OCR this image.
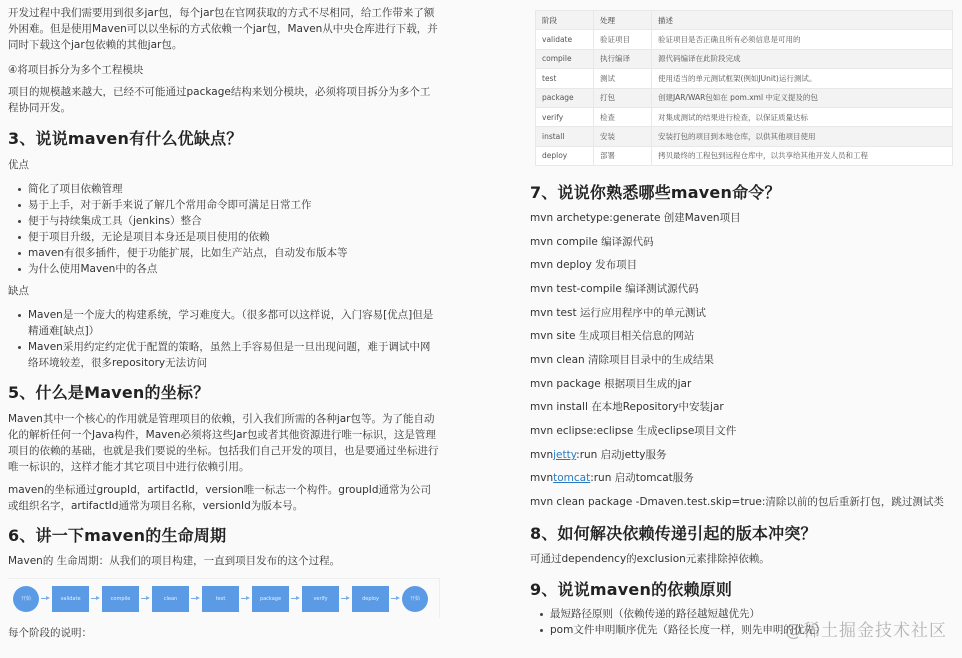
开发过程中我们需要用到很多jar包，每个jar包在官网获取的方式不尽相同，给工作带来了额外困难。但是使用Maven可以以坐标的方式依赖一个jar包，Maven从中央仓库进行下载，并同时下载这个jar包依赖的其他jar包。

④将项目拆分为多个工程模块

项目的规模越来越大，已经不可能通过package结构来划分模块，必须将项目拆分为多个工程协同开发。

3、说说maven有什么优缺点？

优点

简化了项目依赖管理
易于上手，对于新手来说了解几个常用命令即可满足日常工作
便于与持续集成工具（jenkins）整合
便于项目升级，无论是项目本身还是项目使用的依赖
maven有很多插件，便于功能扩展，比如生产站点，自动发布版本等
为什么使用Maven中的各点

缺点

Maven是一个庞大的构建系统，学习难度大。（很多都可以这样说，入门容易[优点]但是精通难[缺点]）
Maven采用约定约定优于配置的策略，虽然上手容易但是一旦出现问题，难于调试中网络环境较差，很多repository无法访问
5、什么是Maven的坐标？

Maven其中一个核心的作用就是管理项目的依赖，引入我们所需的各种jar包等。为了能自动化的解析任何一个Java构件，Maven必须将这些Jar包或者其他资源进行唯一标识，这是管理项目的依赖的基础，也就是我们要说的坐标。包括我们自己开发的项目，也是要通过坐标进行唯一标识的，这样才能才其它项目中进行依赖引用。

maven的坐标通过groupId，artifactId，version唯一标志一个构件。groupId通常为公司或组织名字，artifactId通常为项目名称，versionId为版本号。

6、讲一下maven的生命周期

Maven的 生命周期：从我们的项目构建，一直到项目发布的这个过程。

开始	validate	compile	clean	test	package	verify	deploy	开始

每个阶段的说明：

阶段	处理	描述
validate	验证项目	验证项目是否正确且所有必须信息是可用的
compile	执行编译	源代码编译在此阶段完成
test	测试	使用适当的单元测试框架(例如JUnit)运行测试。
package	打包	创建JAR/WAR包如在 pom.xml 中定义提及的包
verify	检查	对集成测试的结果进行检查，以保证质量达标
install	安装	安装打包的项目到本地仓库，以供其他项目使用
deploy	部署	拷贝最终的工程包到远程仓库中，以共享给其他开发人员和工程
7、说说你熟悉哪些maven命令？

mvn archetype:generate 创建Maven项目

mvn compile 编译源代码

mvn deploy 发布项目

mvn test-compile 编译测试源代码

mvn test 运行应用程序中的单元测试

mvn site 生成项目相关信息的网站

mvn clean 清除项目目录中的生成结果

mvn package 根据项目生成的jar

mvn install 在本地Repository中安装jar

mvn eclipse:eclipse 生成eclipse项目文件

mvnjetty:run 启动jetty服务

mvntomcat:run 启动tomcat服务

mvn clean package -Dmaven.test.skip=true:清除以前的包后重新打包，跳过测试类

8、如何解决依赖传递引起的版本冲突？

可通过dependency的exclusion元素排除掉依赖。

9、说说maven的依赖原则
最短路径原则（依赖传递的路径越短越优先）
pom文件申明顺序优先（路径长度一样，则先申明的优先）
@稀土掘金技术社区
